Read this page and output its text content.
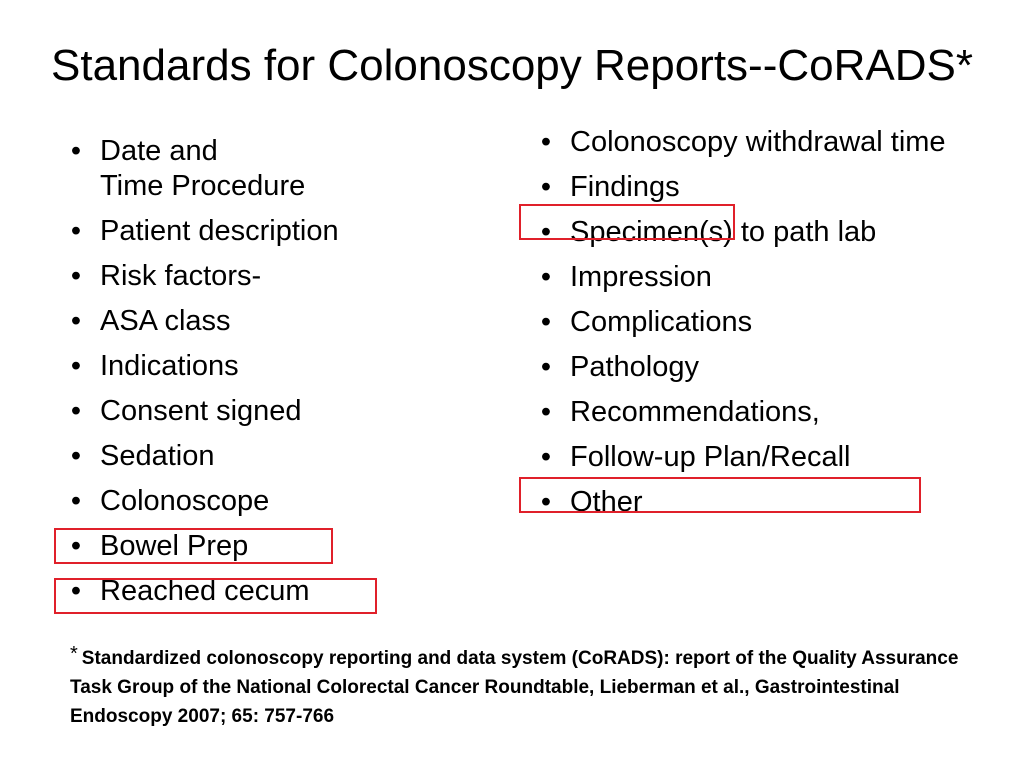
Standards for Colonoscopy Reports--CoRADS*
• Date and
Time Procedure
• Patient description
• Risk factors-
• ASA class
• Indications
• Consent signed
• Sedation
• Colonoscope
• Bowel Prep
• Reached cecum
• Colonoscopy withdrawal time
• Findings
• Specimen(s) to path lab
• Impression
• Complications
• Pathology
• Recommendations,
• Follow-up Plan/Recall
• Other
* Standardized colonoscopy reporting and data system (CoRADS): report of the Quality Assurance Task Group of the National Colorectal Cancer Roundtable, Lieberman et al., Gastrointestinal Endoscopy 2007; 65: 757-766
